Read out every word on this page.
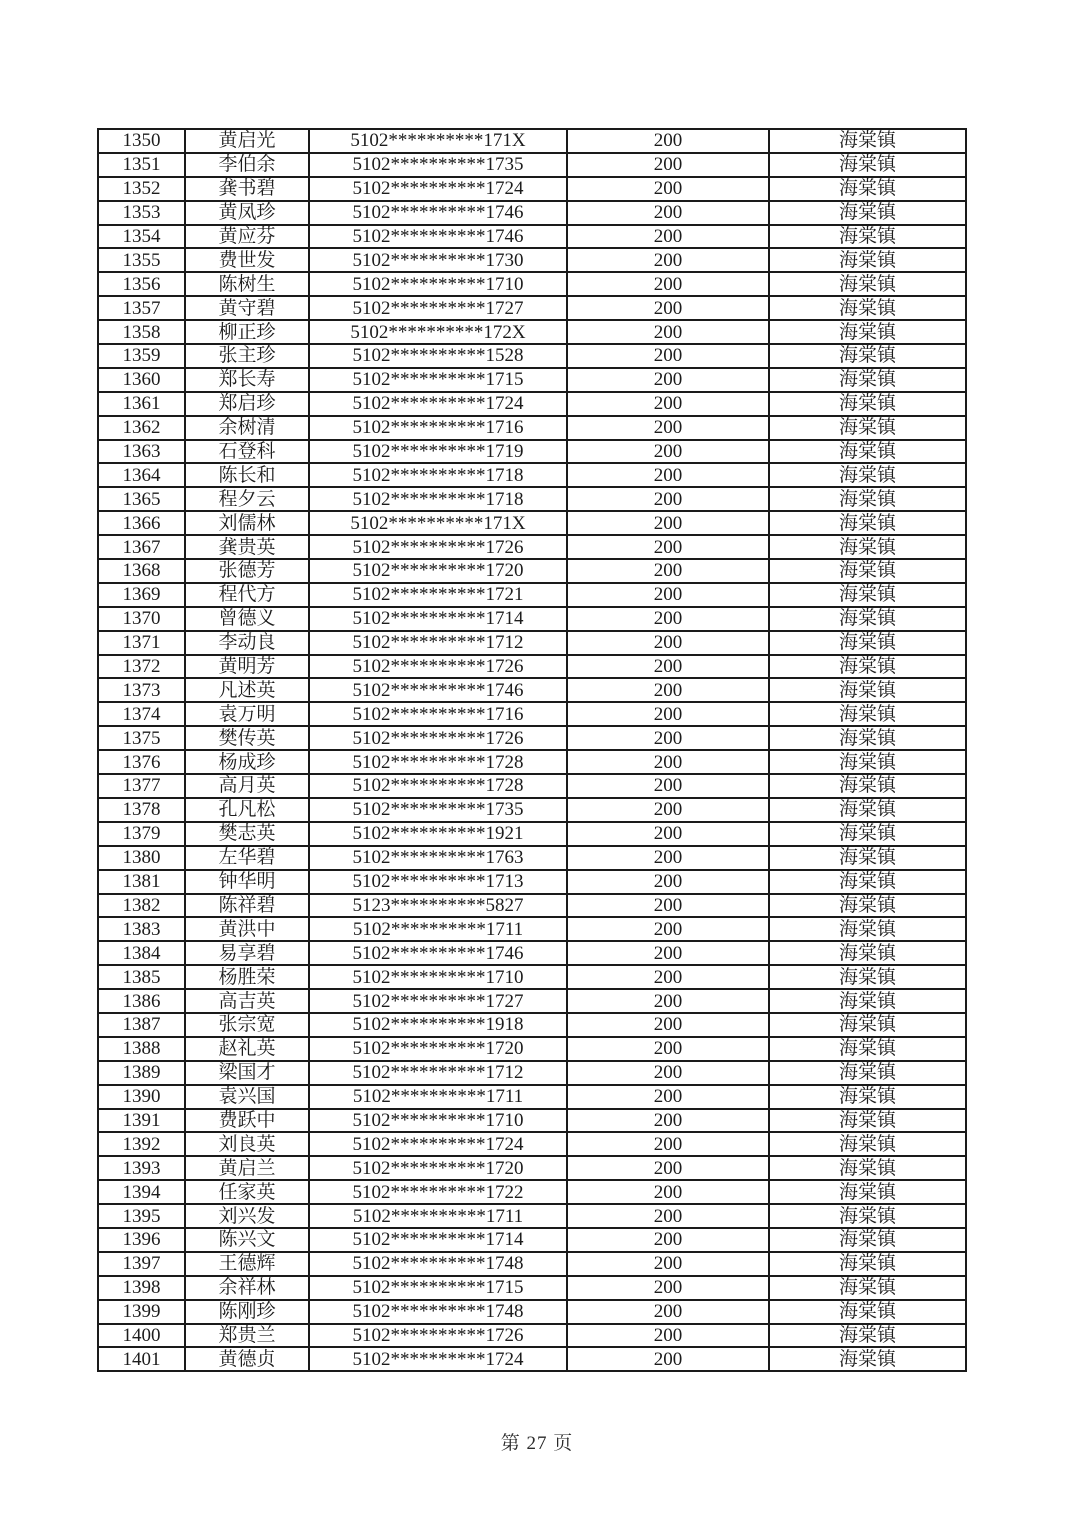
1350	黄启光	5102**********171X	200	海棠镇
1351	李伯余	5102**********1735	200	海棠镇
1352	龚书碧	5102**********1724	200	海棠镇
1353	黄凤珍	5102**********1746	200	海棠镇
1354	黄应芬	5102**********1746	200	海棠镇
1355	费世发	5102**********1730	200	海棠镇
1356	陈树生	5102**********1710	200	海棠镇
1357	黄守碧	5102**********1727	200	海棠镇
1358	柳正珍	5102**********172X	200	海棠镇
1359	张主珍	5102**********1528	200	海棠镇
1360	郑长寿	5102**********1715	200	海棠镇
1361	郑启珍	5102**********1724	200	海棠镇
1362	余树清	5102**********1716	200	海棠镇
1363	石登科	5102**********1719	200	海棠镇
1364	陈长和	5102**********1718	200	海棠镇
1365	程夕云	5102**********1718	200	海棠镇
1366	刘儒林	5102**********171X	200	海棠镇
1367	龚贵英	5102**********1726	200	海棠镇
1368	张德芳	5102**********1720	200	海棠镇
1369	程代方	5102**********1721	200	海棠镇
1370	曾德义	5102**********1714	200	海棠镇
1371	李动良	5102**********1712	200	海棠镇
1372	黄明芳	5102**********1726	200	海棠镇
1373	凡述英	5102**********1746	200	海棠镇
1374	袁万明	5102**********1716	200	海棠镇
1375	樊传英	5102**********1726	200	海棠镇
1376	杨成珍	5102**********1728	200	海棠镇
1377	高月英	5102**********1728	200	海棠镇
1378	孔凡松	5102**********1735	200	海棠镇
1379	樊志英	5102**********1921	200	海棠镇
1380	左华碧	5102**********1763	200	海棠镇
1381	钟华明	5102**********1713	200	海棠镇
1382	陈祥碧	5123**********5827	200	海棠镇
1383	黄洪中	5102**********1711	200	海棠镇
1384	易享碧	5102**********1746	200	海棠镇
1385	杨胜荣	5102**********1710	200	海棠镇
1386	高吉英	5102**********1727	200	海棠镇
1387	张宗宽	5102**********1918	200	海棠镇
1388	赵礼英	5102**********1720	200	海棠镇
1389	梁国才	5102**********1712	200	海棠镇
1390	袁兴国	5102**********1711	200	海棠镇
1391	费跃中	5102**********1710	200	海棠镇
1392	刘良英	5102**********1724	200	海棠镇
1393	黄启兰	5102**********1720	200	海棠镇
1394	任家英	5102**********1722	200	海棠镇
1395	刘兴发	5102**********1711	200	海棠镇
1396	陈兴文	5102**********1714	200	海棠镇
1397	王德辉	5102**********1748	200	海棠镇
1398	余祥林	5102**********1715	200	海棠镇
1399	陈刚珍	5102**********1748	200	海棠镇
1400	郑贵兰	5102**********1726	200	海棠镇
1401	黄德贞	5102**********1724	200	海棠镇
第 27 页
